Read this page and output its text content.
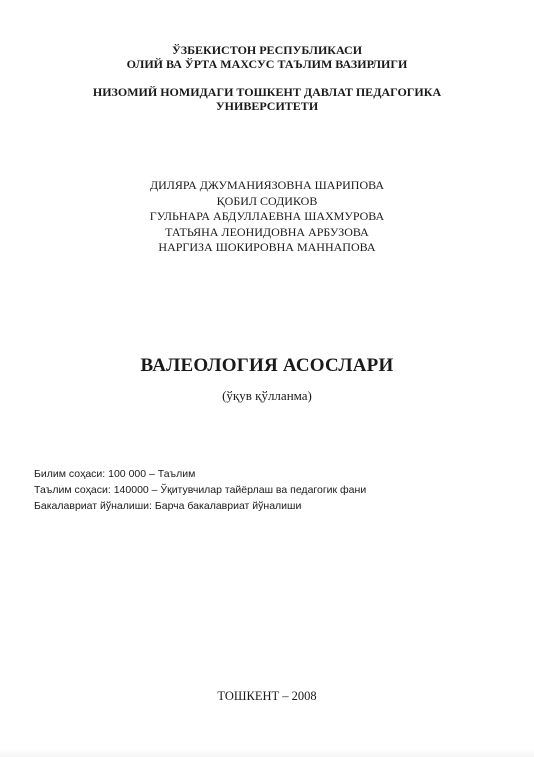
ЎЗБЕКИСТОН РЕСПУБЛИКАСИ
ОЛИЙ ВА ЎРТА МАХСУС ТАЪЛИМ ВАЗИРЛИГИ
НИЗОМИЙ НОМИДАГИ ТОШКЕНТ ДАВЛАТ ПЕДАГОГИКА
УНИВЕРСИТЕТИ
ДИЛЯРА ДЖУМАНИЯЗОВНА ШАРИПОВА
ҚОБИЛ СОДИКОВ
ГУЛЬНАРА АБДУЛЛАЕВНА ШАХМУРОВА
ТАТЬЯНА ЛЕОНИДОВНА АРБУЗОВА
НАРГИЗА ШОКИРОВНА МАННАПОВА
ВАЛЕОЛОГИЯ АСОСЛАРИ
(ўқув қўлланма)
Билим соҳаси: 100 000 – Таълим
Таълим соҳаси: 140000 – Ўқитувчилар тайёрлаш ва педагогик фани
Бакалавриат йўналиши: Барча бакалавриат йўналиши
ТОШКЕНТ – 2008
